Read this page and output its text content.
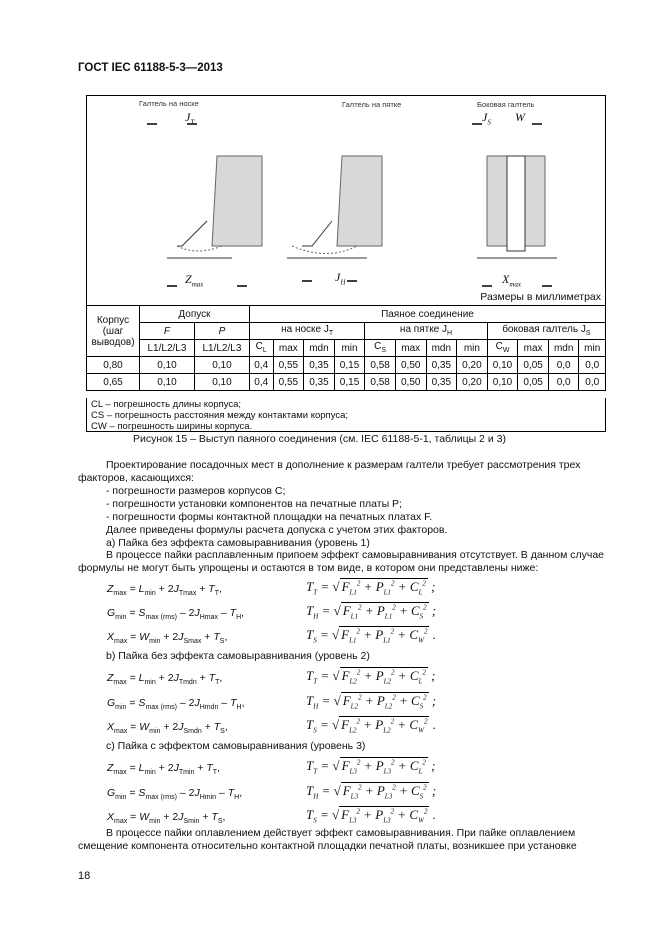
ГОСТ IEC 61188-5-3—2013
Галтель на носке
$J_T$
Галтель на пятке	Боковая галтель
$J_S$ W
$Z_{max}$
$J_H$	$X_{max}$
Размеры в миллиметрах
Корпус (шаг выводов)	Допуск		Паяное соединение											
	F	P	на носке $J_T$				на пятке $J_H$				боковая галтель $J_S$
	L1/L2/L3	L1/L2/L3	$C_L$	max	mdn	min	$C_S$	max	mdn	min	$C_W$	max	mdn	min
0,80	0,10	0,10	0,4	0,55	0,35	0,15	0,58	0,50	0,35	0,20	0,10	0,05	0,0	0,0
0,65	0,10	0,10	0,4	0,55	0,35	0,15	0,58	0,50	0,35	0,20	0,10	0,05	0,0	0,0
CL – погрешность длины корпуса;
CS – погрешность расстояния между контактами корпуса;
CW – погрешность ширины корпуса.
Рисунок 15 – Выступ паяного соединения (см. IEC 61188-5-1, таблицы 2 и 3)
Проектирование посадочных мест в дополнение к размерам галтели требует рассмотрения трех факторов, касающихся:
- погрешности размеров корпусов C;
- погрешности установки компонентов на печатные платы P;
- погрешности формы контактной площадки на печатных платах F.
Далее приведены формулы расчета допуска с учетом этих факторов.
а) Пайка без эффекта самовыравнивания (уровень 1)
В процессе пайки расплавленным припоем эффект самовыравнивания отсутствует. В данном случае формулы не могут быть упрощены и остаются в том виде, в котором они представлены ниже:
$Z_{max} = L_{min} + 2J_{Tmax} + T_T$,	$T_T$ = √ $F_{L1}^2 + P_{L1}^2 + C_L^2$ ;
$G_{min} = S_{max (rms)} - 2J_{Hmax} - T_H$,	$T_H$ = √ $F_{L1}^2 + P_{L1}^2 + C_S^2$ ;
$X_{max} = W_{min} + 2J_{Smax} + T_S$,	$T_S$ = √ $F_{L1}^2 + P_{L1}^2 + C_W^2$ .
b) Пайка без эффекта самовыравнивания (уровень 2)
$Z_{max} = L_{min} + 2J_{Tmdn} + T_T$,	$T_T$ = √ $F_{L2}^2 + P_{L2}^2 + C_L^2$ ;
$G_{min} = S_{max (rms)} - 2J_{Hmdn} - T_H$,	$T_H$ = √ $F_{L2}^2 + P_{L2}^2 + C_S^2$ ;
$X_{max} = W_{min} + 2J_{Smdn} + T_S$,	$T_S$ = √ $F_{L2}^2 + P_{L2}^2 + C_W^2$ .
c) Пайка с эффектом самовыравнивания (уровень 3)
$Z_{max} = L_{min} + 2J_{Tmin} + T_T$,	$T_T$ = √ $F_{L3}^2 + P_{L3}^2 + C_L^2$ ;
$G_{min} = S_{max (rms)} - 2J_{Hmin} - T_H$,	$T_H$ = √ $F_{L3}^2 + P_{L3}^2 + C_S^2$ ;
$X_{max} = W_{min} + 2J_{Smin} + T_S$,	$T_S$ = √ $F_{L3}^2 + P_{L3}^2 + C_W^2$ .
В процессе пайки оплавлением действует эффект самовыравнивания. При пайке оплавлением смещение компонента относительно контактной площадки печатной платы, возникшее при установке
18
